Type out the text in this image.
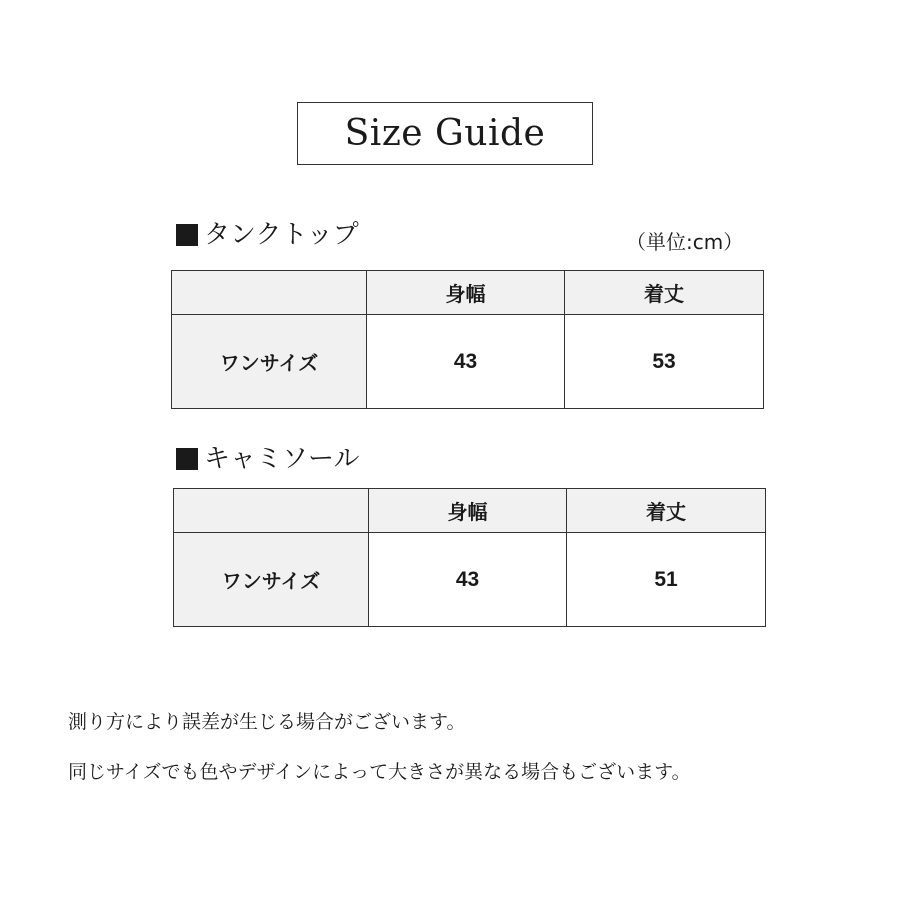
Size Guide
タンクトップ	（単位:cm）
	身幅	着丈
ワンサイズ	43	53
キャミソール
	身幅	着丈
ワンサイズ	43	51
測り方により誤差が生じる場合がございます。
同じサイズでも色やデザインによって大きさが異なる場合もございます。
